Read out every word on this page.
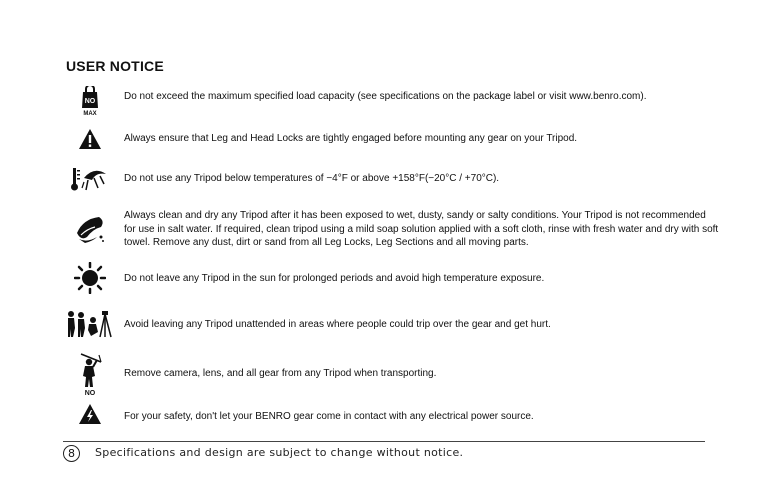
USER NOTICE
NO
MAX
Do not exceed the maximum specified load capacity (see specifications on the package label or visit www.benro.com).
Always ensure that Leg and Head Locks are tightly engaged before mounting any gear on your Tripod.
Do not use any Tripod below temperatures of −4°F or above +158°F(−20°C / +70°C).
Always clean and dry any Tripod after it has been exposed to wet, dusty, sandy or salty conditions. Your Tripod is not recommended for use in salt water. If required, clean tripod using a mild soap solution applied with a soft cloth, rinse with fresh water and dry with soft towel. Remove any dust, dirt or sand from all Leg Locks, Leg Sections and all moving parts.
Do not leave any Tripod in the sun for prolonged periods and avoid high temperature exposure.
Avoid leaving any Tripod unattended in areas where people could trip over the gear and get hurt.
NO
Remove camera, lens, and all gear from any Tripod when transporting.
For your safety, don't let your BENRO gear come in contact with any electrical power source.
8	Specifications and design are subject to change without notice.
